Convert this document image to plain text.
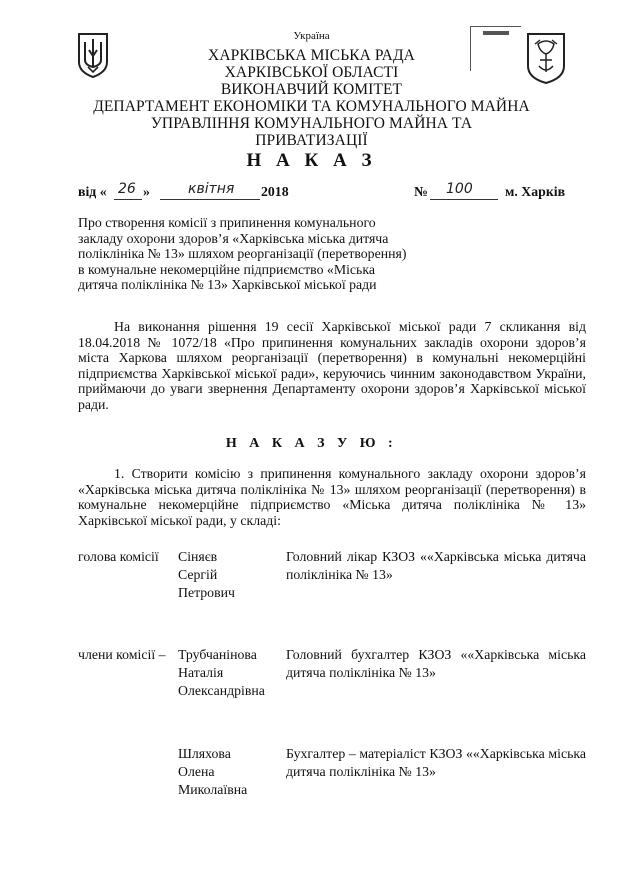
Україна
ХАРКІВСЬКА МІСЬКА РАДА
ХАРКІВСЬКОЇ ОБЛАСТІ
ВИКОНАВЧИЙ КОМІТЕТ
ДЕПАРТАМЕНТ ЕКОНОМІКИ ТА КОМУНАЛЬНОГО МАЙНА
УПРАВЛІННЯ КОМУНАЛЬНОГО МАЙНА ТА
ПРИВАТИЗАЦІЇ
Н А К А З
від « 26 »	квітня 2018	№ 100 м. Харків
Про створення комісії з припинення комунального
закладу охорони здоров’я «Харківська міська дитяча
поліклініка № 13» шляхом реорганізації (перетворення)
в комунальне некомерційне підприємство «Міська
дитяча поліклініка № 13» Харківської міської ради
На виконання рішення 19 сесії Харківської міської ради 7 скликання від 18.04.2018 № 1072/18 «Про припинення комунальних закладів охорони здоров’я міста Харкова шляхом реорганізації (перетворення) в комунальні некомерційні підприємства Харківської міської ради», керуючись чинним законодавством України, приймаючи до уваги звернення Департаменту охорони здоров’я Харківської міської ради.
Н А К А З У Ю :
1. Створити комісію з припинення комунального закладу охорони здоров’я «Харківська міська дитяча поліклініка № 13» шляхом реорганізації (перетворення) в комунальне некомерційне підприємство «Міська дитяча поліклініка № 13» Харківської міської ради, у складі:
голова комісії Сіняєв
Сергій
Петрович
Головний лікар КЗОЗ ««Харківська міська дитяча поліклініка № 13»
члени комісії – Трубчанінова
Наталія
Олександрівна
Головний бухгалтер КЗОЗ ««Харківська міська дитяча поліклініка № 13»
Шляхова
Олена
Миколаївна
Бухгалтер – матеріаліст КЗОЗ ««Харківська міська дитяча поліклініка № 13»
